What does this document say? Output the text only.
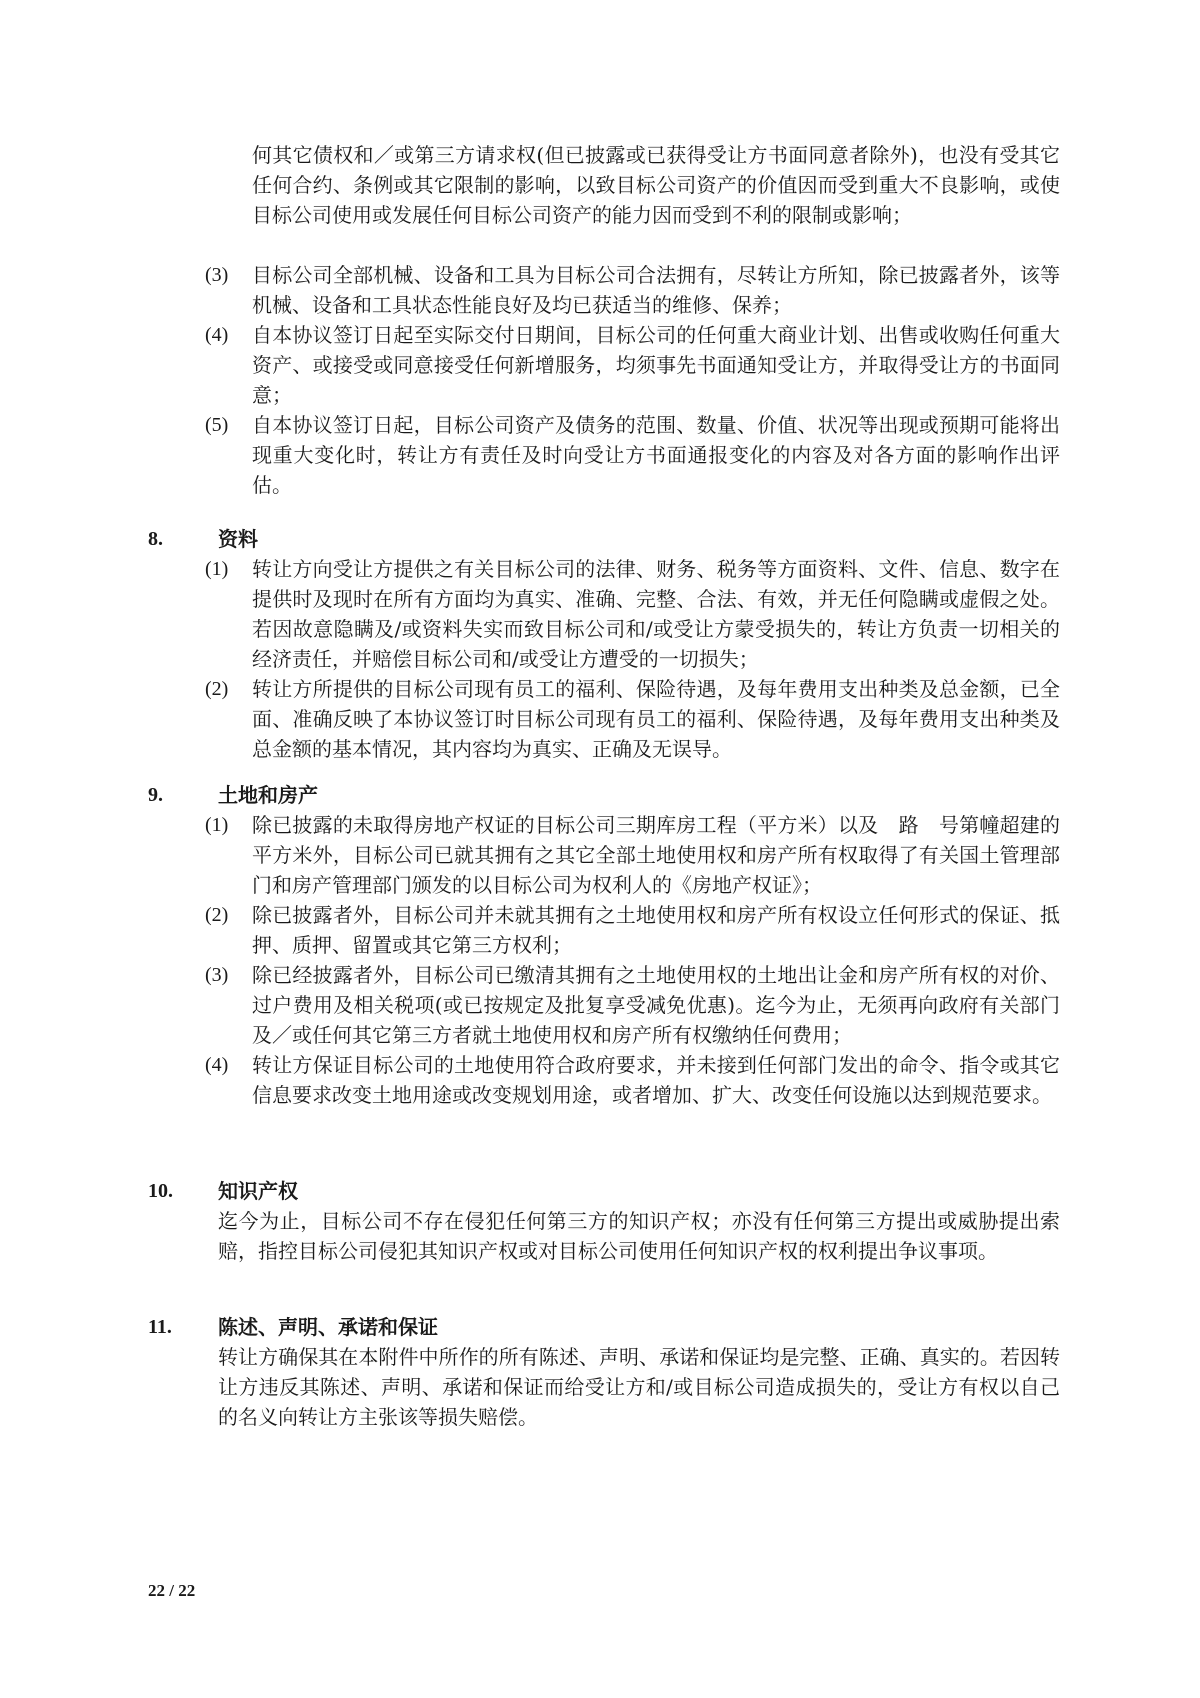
何其它债权和／或第三方请求权(但已披露或已获得受让方书面同意者除外)，也没有受其它任何合约、条例或其它限制的影响，以致目标公司资产的价值因而受到重大不良影响，或使目标公司使用或发展任何目标公司资产的能力因而受到不利的限制或影响；

(3)	目标公司全部机械、设备和工具为目标公司合法拥有，尽转让方所知，除已披露者外，该等机械、设备和工具状态性能良好及均已获适当的维修、保养；
(4)	自本协议签订日起至实际交付日期间，目标公司的任何重大商业计划、出售或收购任何重大资产、或接受或同意接受任何新增服务，均须事先书面通知受让方，并取得受让方的书面同意；
(5)	自本协议签订日起，目标公司资产及债务的范围、数量、价值、状况等出现或预期可能将出现重大变化时，转让方有责任及时向受让方书面通报变化的内容及对各方面的影响作出评估。
8.	资料
(1)	转让方向受让方提供之有关目标公司的法律、财务、税务等方面资料、文件、信息、数字在提供时及现时在所有方面均为真实、准确、完整、合法、有效，并无任何隐瞒或虚假之处。若因故意隐瞒及/或资料失实而致目标公司和/或受让方蒙受损失的，转让方负责一切相关的经济责任，并赔偿目标公司和/或受让方遭受的一切损失；
(2)	转让方所提供的目标公司现有员工的福利、保险待遇，及每年费用支出种类及总金额，已全面、准确反映了本协议签订时目标公司现有员工的福利、保险待遇，及每年费用支出种类及总金额的基本情况，其内容均为真实、正确及无误导。
9.	土地和房产
(1)	除已披露的未取得房地产权证的目标公司三期库房工程（平方米）以及　路　号第幢超建的平方米外，目标公司已就其拥有之其它全部土地使用权和房产所有权取得了有关国土管理部门和房产管理部门颁发的以目标公司为权利人的《房地产权证》；
(2)	除已披露者外，目标公司并未就其拥有之土地使用权和房产所有权设立任何形式的保证、抵押、质押、留置或其它第三方权利；
(3)	除已经披露者外，目标公司已缴清其拥有之土地使用权的土地出让金和房产所有权的对价、过户费用及相关税项(或已按规定及批复享受减免优惠)。迄今为止，无须再向政府有关部门及／或任何其它第三方者就土地使用权和房产所有权缴纳任何费用；
(4)	转让方保证目标公司的土地使用符合政府要求，并未接到任何部门发出的命令、指令或其它信息要求改变土地用途或改变规划用途，或者增加、扩大、改变任何设施以达到规范要求。
10.	知识产权

迄今为止，目标公司不存在侵犯任何第三方的知识产权；亦没有任何第三方提出或威胁提出索赔，指控目标公司侵犯其知识产权或对目标公司使用任何知识产权的权利提出争议事项。

11.	陈述、声明、承诺和保证

转让方确保其在本附件中所作的所有陈述、声明、承诺和保证均是完整、正确、真实的。若因转让方违反其陈述、声明、承诺和保证而给受让方和/或目标公司造成损失的，受让方有权以自己的名义向转让方主张该等损失赔偿。

22 / 22
